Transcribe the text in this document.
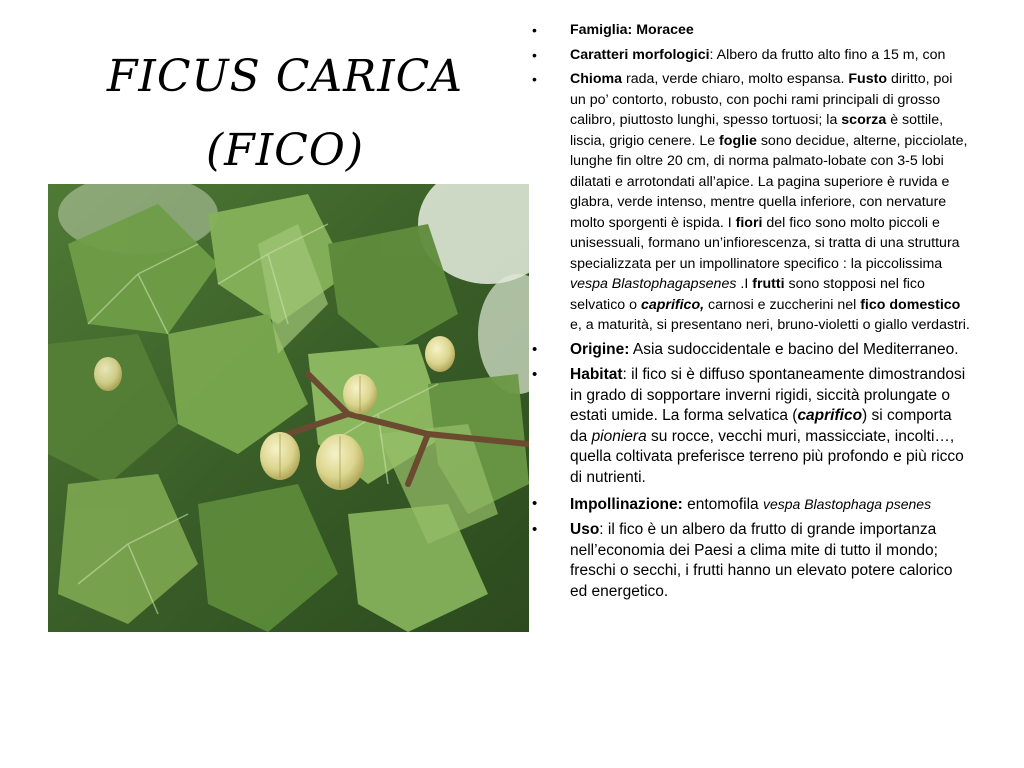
FICUS CARICA
(FICO)
• Famiglia: Moracee
• Caratteri morfologici: Albero da frutto alto fino a 15 m, con
• Chioma rada, verde chiaro, molto espansa. Fusto diritto, poi un po’ contorto, robusto, con pochi rami principali di grosso calibro, piuttosto lunghi, spesso tortuosi; la scorza è sottile, liscia, grigio cenere. Le foglie sono decidue, alterne, picciolate, lunghe fin oltre 20 cm, di norma palmato-lobate con 3-5 lobi dilatati e arrotondati all’apice. La pagina superiore è ruvida e glabra, verde intenso, mentre quella inferiore, con nervature molto sporgenti è ispida. I fiori del fico sono molto piccoli e unisessuali, formano un’infiorescenza, si tratta di una struttura specializzata per un impollinatore specifico : la piccolissima vespa Blastophagapsenes .I frutti sono stopposi nel fico selvatico o caprifico, carnosi e zuccherini nel fico domestico e, a maturità, si presentano neri, bruno-violetti o giallo verdastri.
• Origine: Asia sudoccidentale e bacino del Mediterraneo.
• Habitat: il fico si è diffuso spontaneamente dimostrandosi in grado di sopportare inverni rigidi, siccità prolungate o estati umide. La forma selvatica (caprifico) si comporta da pioniera su rocce, vecchi muri, massicciate, incolti…, quella coltivata preferisce terreno più profondo e più ricco di nutrienti.
• Impollinazione: entomofila vespa Blastophaga psenes
• Uso: il fico è un albero da frutto di grande importanza nell’economia dei Paesi a clima mite di tutto il mondo; freschi o secchi, i frutti hanno un elevato potere calorico ed energetico.
